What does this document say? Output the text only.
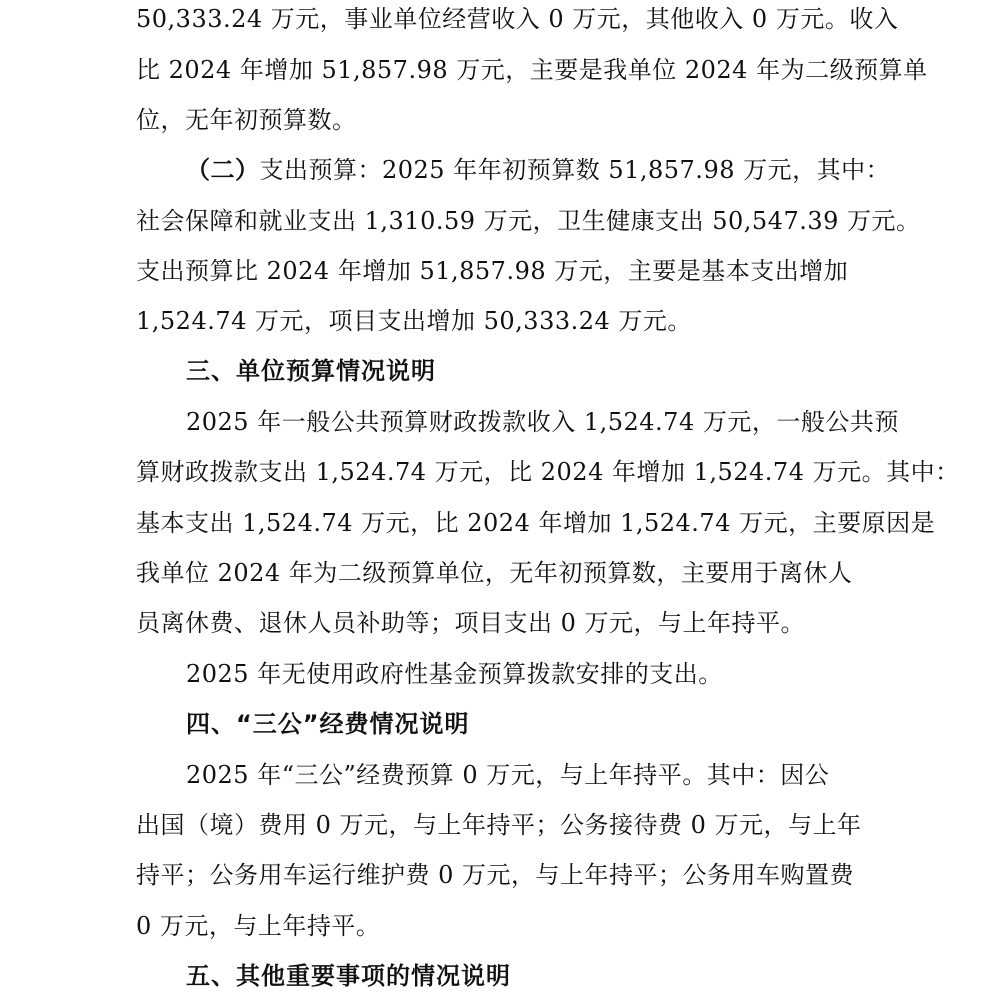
50,333.24 万元，事业单位经营收入 0 万元，其他收入 0 万元。收入
比 2024 年增加 51,857.98 万元，主要是我单位 2024 年为二级预算单
位，无年初预算数。
（二）支出预算：2025 年年初预算数 51,857.98 万元，其中：
社会保障和就业支出 1,310.59 万元，卫生健康支出 50,547.39 万元。
支出预算比 2024 年增加 51,857.98 万元，主要是基本支出增加
1,524.74 万元，项目支出增加 50,333.24 万元。
三、单位预算情况说明
2025 年一般公共预算财政拨款收入 1,524.74 万元，一般公共预
算财政拨款支出 1,524.74 万元，比 2024 年增加 1,524.74 万元。其中：
基本支出 1,524.74 万元，比 2024 年增加 1,524.74 万元，主要原因是
我单位 2024 年为二级预算单位，无年初预算数，主要用于离休人
员离休费、退休人员补助等；项目支出 0 万元，与上年持平。
2025 年无使用政府性基金预算拨款安排的支出。
四、“三公”经费情况说明
2025 年“三公”经费预算 0 万元，与上年持平。其中：因公
出国（境）费用 0 万元，与上年持平；公务接待费 0 万元，与上年
持平；公务用车运行维护费 0 万元，与上年持平；公务用车购置费
0 万元，与上年持平。
五、其他重要事项的情况说明
